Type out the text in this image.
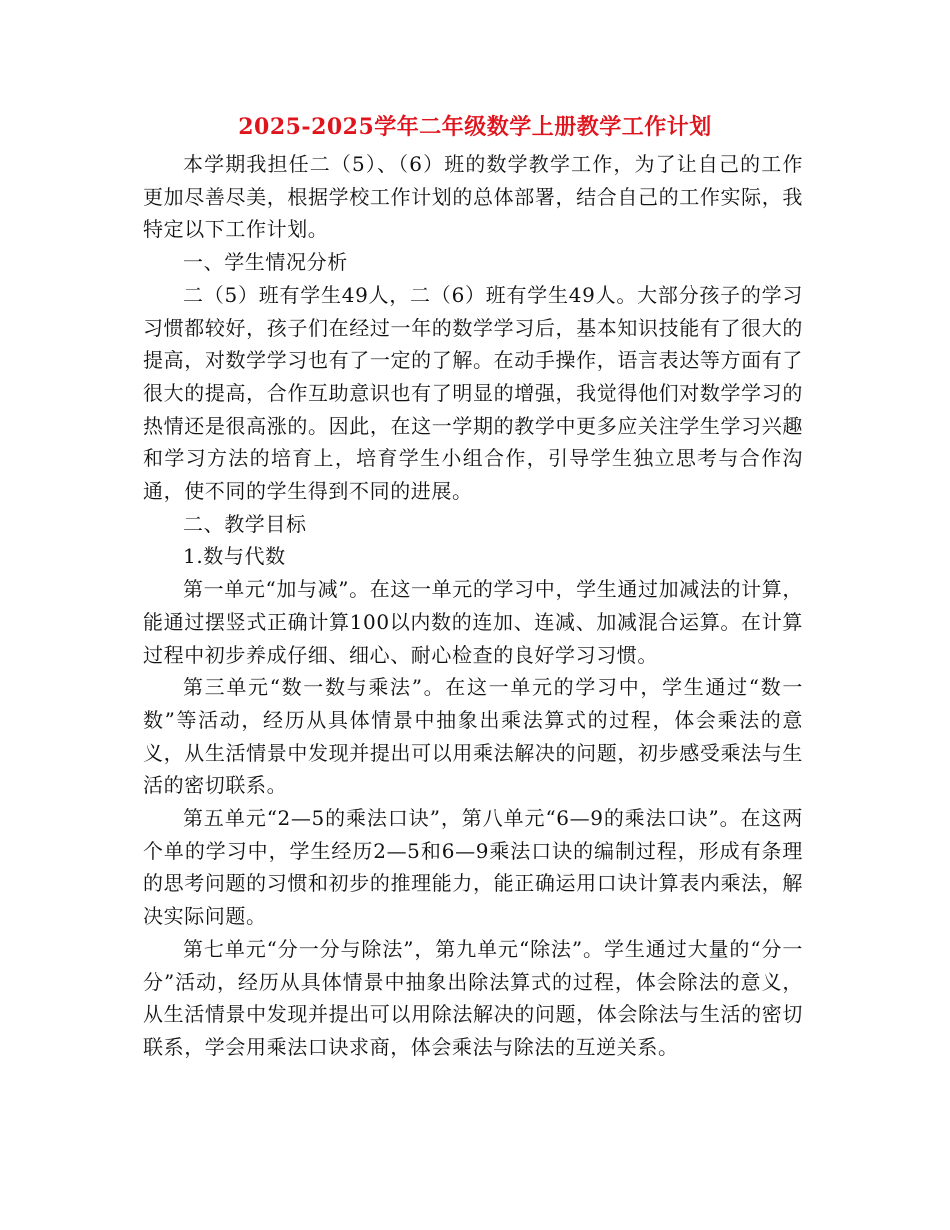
2025-2025学年二年级数学上册教学工作计划

本学期我担任二（5）、（6）班的数学教学工作，为了让自己的工作更加尽善尽美，根据学校工作计划的总体部署，结合自己的工作实际，我特定以下工作计划。

一、学生情况分析

二（5）班有学生49人，二（6）班有学生49人。大部分孩子的学习习惯都较好，孩子们在经过一年的数学学习后，基本知识技能有了很大的提高，对数学学习也有了一定的了解。在动手操作，语言表达等方面有了很大的提高，合作互助意识也有了明显的增强，我觉得他们对数学学习的热情还是很高涨的。因此，在这一学期的教学中更多应关注学生学习兴趣和学习方法的培育上，培育学生小组合作，引导学生独立思考与合作沟通，使不同的学生得到不同的进展。

二、教学目标

1.数与代数

第一单元“加与减”。在这一单元的学习中，学生通过加减法的计算，能通过摆竖式正确计算100以内数的连加、连减、加减混合运算。在计算过程中初步养成仔细、细心、耐心检查的良好学习习惯。

第三单元“数一数与乘法”。在这一单元的学习中，学生通过“数一数”等活动，经历从具体情景中抽象出乘法算式的过程，体会乘法的意义，从生活情景中发现并提出可以用乘法解决的问题，初步感受乘法与生活的密切联系。

第五单元“2—5的乘法口诀”，第八单元“6—9的乘法口诀”。在这两个单的学习中，学生经历2—5和6—9乘法口诀的编制过程，形成有条理的思考问题的习惯和初步的推理能力，能正确运用口诀计算表内乘法，解决实际问题。

第七单元“分一分与除法”，第九单元“除法”。学生通过大量的“分一分”活动，经历从具体情景中抽象出除法算式的过程，体会除法的意义，从生活情景中发现并提出可以用除法解决的问题，体会除法与生活的密切联系，学会用乘法口诀求商，体会乘法与除法的互逆关系。
